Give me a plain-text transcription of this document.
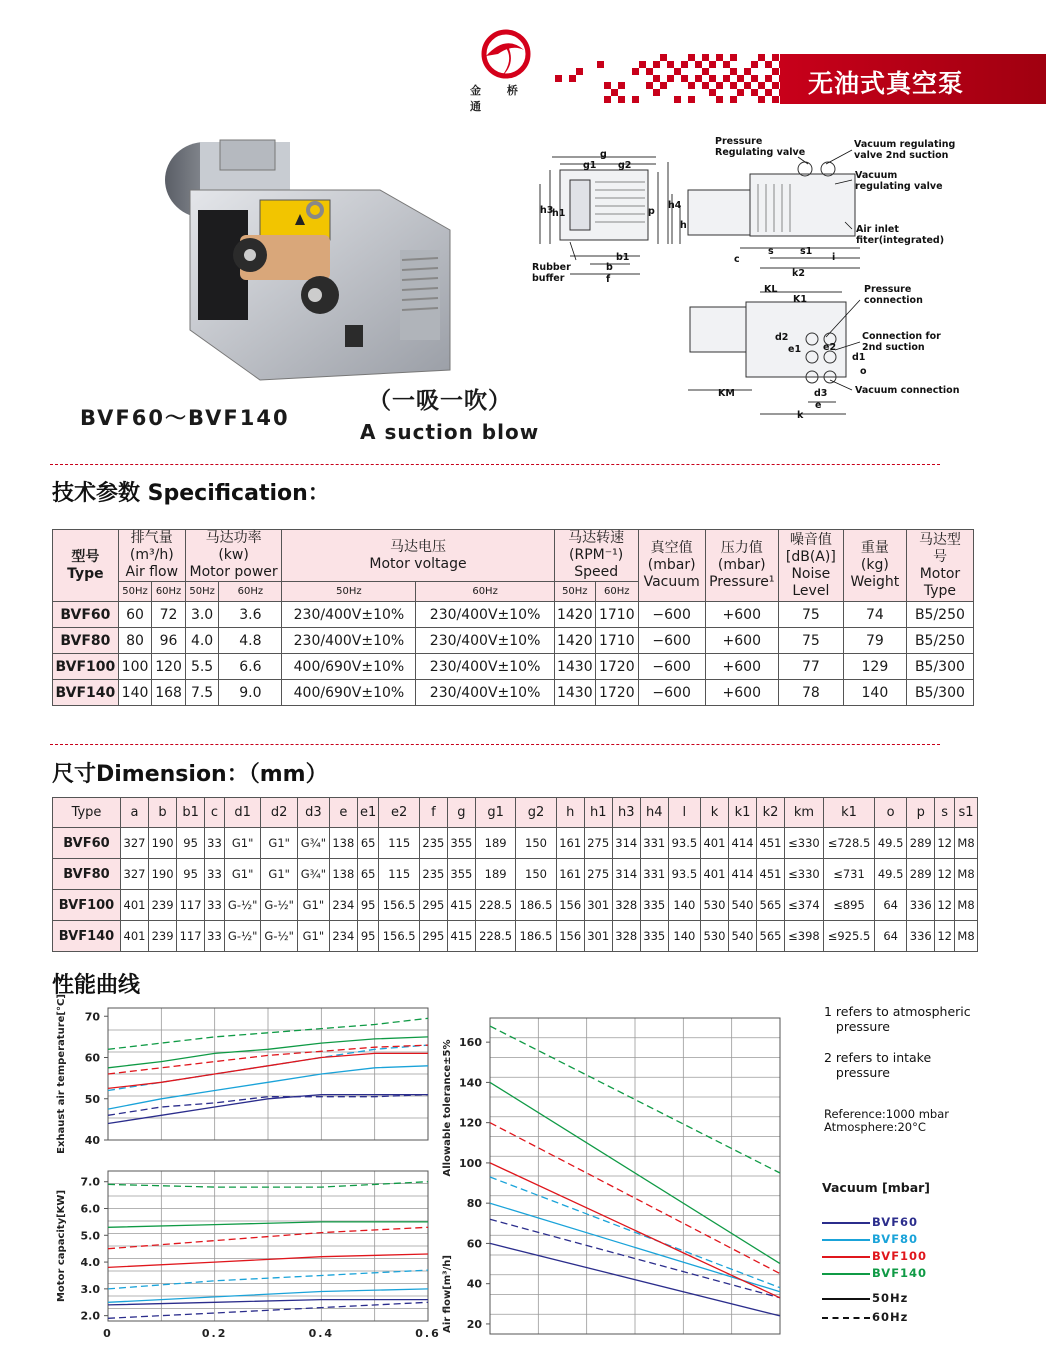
金 桥 通
无油式真空泵
BVF60～BVF140
（一吸一吹）
A suction blow
Pressure
Regulating valve
Vacuum regulating
valve 2nd suction
Vacuum
regulating valve
Air inlet
fiter(integrated)
Rubber
buffer
Pressure
connection
Connection for
2nd suction
Vacuum connection
g
g1 g2
h3
h1	p
h4
h
b1
b
f
c
s	s1
i
k2
KL
K1
d2
e1 e2
d1
o
KM	d3
e
k
技术参数 Specification：
型号
Type	排气量
(m³/h)
Air flow		马达功率
(kw)
Motor power		马达电压
Motor voltage		马达转速
(RPM⁻¹)
Speed		真空值
(mbar)
Vacuum	压力值
(mbar)
Pressure¹	噪音值
[dB(A)]
Noise
Level	重量
(kg)
Weight	马达型
号
Motor
Type
	50Hz	60Hz	50Hz	60Hz	50Hz	60Hz	50Hz	60Hz					
BVF60	60	72	3.0	3.6	230/400V±10%	230/400V±10%	1420	1710	−600	+600	75	74	B5/250
BVF80	80	96	4.0	4.8	230/400V±10%	230/400V±10%	1420	1710	−600	+600	75	79	B5/250
BVF100	100	120	5.5	6.6	400/690V±10%	230/400V±10%	1430	1720	−600	+600	77	129	B5/300
BVF140	140	168	7.5	9.0	400/690V±10%	230/400V±10%	1430	1720	−600	+600	78	140	B5/300
尺寸Dimension：（mm）
Type	a	b	b1	c	d1	d2	d3	e	e1	e2	f	g	g1	g2	h	h1	h3	h4	l	k	k1	k2	km	k1	o	p	s	s1
BVF60	327	190	95	33	G1"	G1"	G¾"	138	65	115	235	355	189	150	161	275	314	331	93.5	401	414	451	≤330	≤728.5	49.5	289	12	M8
BVF80	327	190	95	33	G1"	G1"	G¾"	138	65	115	235	355	189	150	161	275	314	331	93.5	401	414	451	≤330	≤731	49.5	289	12	M8
BVF100	401	239	117	33	G-½"	G-½"	G1"	234	95	156.5	295	415	228.5	186.5	156	301	328	335	140	530	540	565	≤374	≤895	64	336	12	M8
BVF140	401	239	117	33	G-½"	G-½"	G1"	234	95	156.5	295	415	228.5	186.5	156	301	328	335	140	530	540	565	≤398	≤925.5	64	336	12	M8
性能曲线
40
50
60
70
Exhaust air temperature[°C]
2.0
3.0
4.0
5.0
6.0
7.0
0	0.2	0.4	0.6
Motor capacity[KW]
20
40
60
80
100
120
140
160
Allowable tolerance±5%
Air flow[m³/h]
1 refers to atmospheric
pressure
2 refers to intake
pressure
Reference:1000 mbar
Atmosphere:20°C
Vacuum [mbar]
BVF60
BVF80
BVF100
BVF140
50Hz
60Hz
